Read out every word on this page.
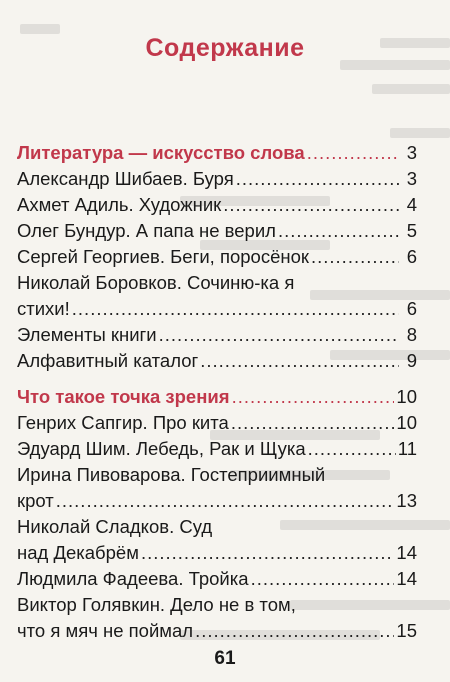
Содержание
Литература — искусство слова .....	3
Александр Шибаев. Буря .....	3
Ахмет Адиль. Художник .....	4
Олег Бундур. А папа не верил .....	5
Сергей Георгиев. Беги, поросёнок .....	6
Николай Боровков. Сочиню-ка я
стихи! .....	6
Элементы книги .....	8
Алфавитный каталог .....	9
Что такое точка зрения .....	10
Генрих Сапгир. Про кита .....	10
Эдуард Шим. Лебедь, Рак и Щука .....	11
Ирина Пивоварова. Гостеприимный
крот .....	13
Николай Сладков. Суд
над Декабрём .....	14
Людмила Фадеева. Тройка .....	14
Виктор Голявкин. Дело не в том,
что я мяч не поймал .....	15
61
